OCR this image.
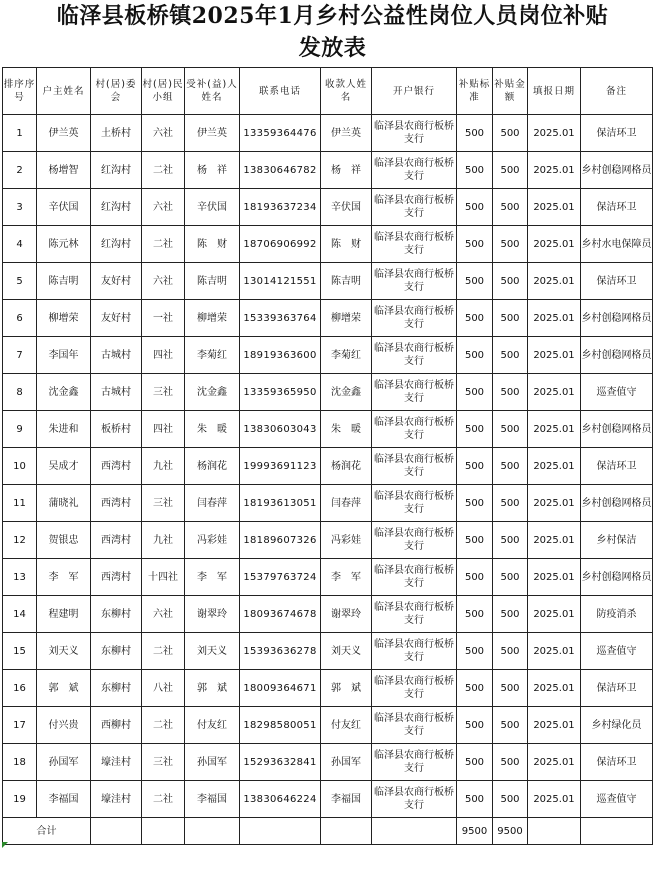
临泽县板桥镇2025年1月乡村公益性岗位人员岗位补贴
发放表
排序序号	户主姓名	村(居)委会	村(居)民小组	受补(益)人姓名	联系电话	收款人姓名	开户银行	补贴标准	补贴金额	填报日期	备注
1	伊兰英	土桥村	六社	伊兰英	13359364476	伊兰英	临泽县农商行板桥支行	500	500	2025.01	保洁环卫
2	杨增智	红沟村	二社	杨　祥	13830646782	杨　祥	临泽县农商行板桥支行	500	500	2025.01	乡村创稳网格员
3	辛伏国	红沟村	六社	辛伏国	18193637234	辛伏国	临泽县农商行板桥支行	500	500	2025.01	保洁环卫
4	陈元林	红沟村	二社	陈　财	18706906992	陈　财	临泽县农商行板桥支行	500	500	2025.01	乡村水电保障员
5	陈吉明	友好村	六社	陈吉明	13014121551	陈吉明	临泽县农商行板桥支行	500	500	2025.01	保洁环卫
6	柳增荣	友好村	一社	柳增荣	15339363764	柳增荣	临泽县农商行板桥支行	500	500	2025.01	乡村创稳网格员
7	李国年	古城村	四社	李菊红	18919363600	李菊红	临泽县农商行板桥支行	500	500	2025.01	乡村创稳网格员
8	沈金鑫	古城村	三社	沈金鑫	13359365950	沈金鑫	临泽县农商行板桥支行	500	500	2025.01	巡查值守
9	朱进和	板桥村	四社	朱　暖	13830603043	朱　暖	临泽县农商行板桥支行	500	500	2025.01	乡村创稳网格员
10	吴成才	西湾村	九社	杨润花	19993691123	杨润花	临泽县农商行板桥支行	500	500	2025.01	保洁环卫
11	蒲晓礼	西湾村	三社	闫春萍	18193613051	闫春萍	临泽县农商行板桥支行	500	500	2025.01	乡村创稳网格员
12	贺银忠	西湾村	九社	冯彩娃	18189607326	冯彩娃	临泽县农商行板桥支行	500	500	2025.01	乡村保洁
13	李　军	西湾村	十四社	李　军	15379763724	李　军	临泽县农商行板桥支行	500	500	2025.01	乡村创稳网格员
14	程建明	东柳村	六社	谢翠玲	18093674678	谢翠玲	临泽县农商行板桥支行	500	500	2025.01	防疫消杀
15	刘天义	东柳村	二社	刘天义	15393636278	刘天义	临泽县农商行板桥支行	500	500	2025.01	巡查值守
16	郭　斌	东柳村	八社	郭　斌	18009364671	郭　斌	临泽县农商行板桥支行	500	500	2025.01	保洁环卫
17	付兴贵	西柳村	二社	付友红	18298580051	付友红	临泽县农商行板桥支行	500	500	2025.01	乡村绿化员
18	孙国军	壕洼村	三社	孙国军	15293632841	孙国军	临泽县农商行板桥支行	500	500	2025.01	保洁环卫
19	李福国	壕洼村	二社	李福国	13830646224	李福国	临泽县农商行板桥支行	500	500	2025.01	巡查值守
合计								9500	9500		
